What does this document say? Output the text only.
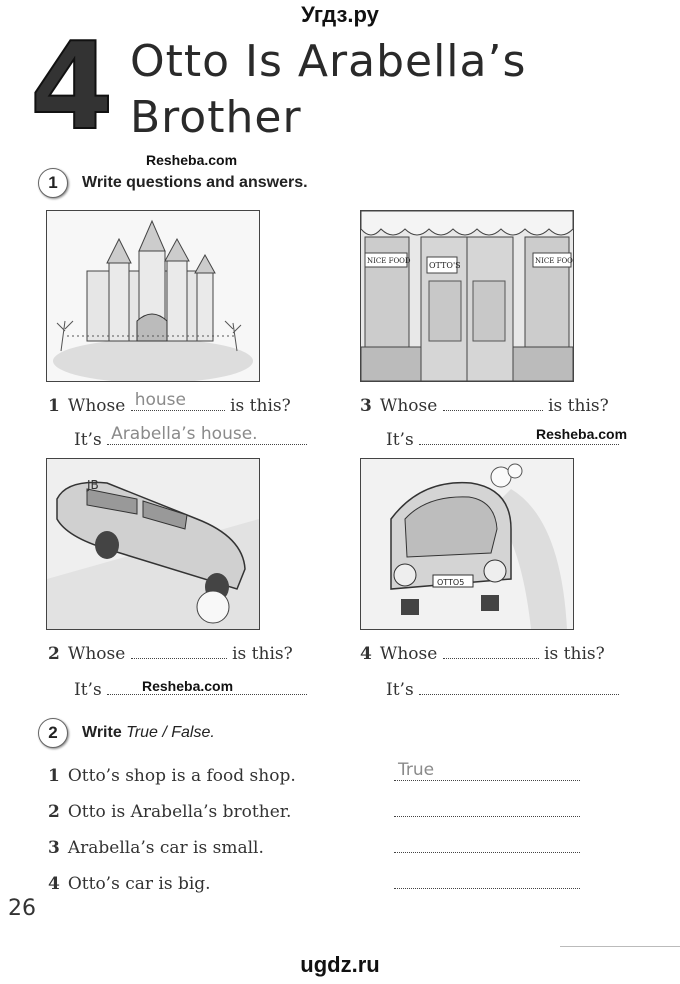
Угдз.ру
4 Otto Is Arabella’s
Brother
Resheba.com
1	Write questions and answers.
NICE FOOD OTTO'S	NICE FOO
1 Whose house	is this?
It’s Arabella’s house.
3 Whose	is this?
It’s	Resheba.com
JB
OTTO5
2 Whose	is this?
It’s	Resheba.com
4 Whose	is this?
It’s
2	Write True / False.
1 Otto’s shop is a food shop.	True
2 Otto is Arabella’s brother.
3 Arabella’s car is small.
4 Otto’s car is big.
26
ugdz.ru
